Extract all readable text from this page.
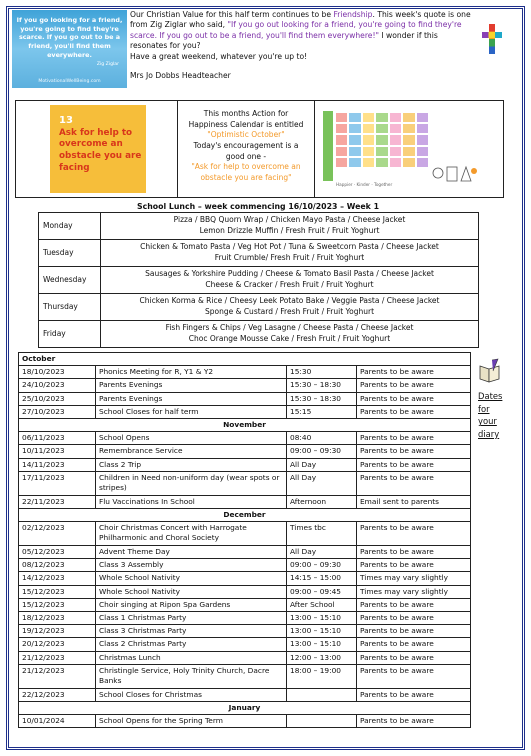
If you go looking for a friend, you're going to find they're scarce. If you go out to be a friend, you'll find them everywhere.
Zig Ziglar
MotivationalWellBeing.com
Our Christian Value for this half term continues to be Friendship. This week's quote is one from Zig Ziglar who said, "If you go out looking for a friend, you're going to find they're scarce. If you go out to be a friend, you'll find them everywhere!" I wonder if this resonates for you?
Have a great weekend, whatever you're up to!
Mrs Jo Dobbs Headteacher
13
Ask for help to overcome an obstacle you are facing
This months Action for Happiness Calendar is entitled
"Optimistic October"
Today's encouragement is a good one -
"Ask for help to overcome an obstacle you are facing"
Happier · Kinder · Together
School Lunch – week commencing 16/10/2023 – Week 1
Monday	Pizza / BBQ Quorn Wrap / Chicken Mayo Pasta / Cheese Jacket
Lemon Drizzle Muffin / Fresh Fruit / Fruit Yoghurt

Tuesday	Chicken & Tomato Pasta / Veg Hot Pot / Tuna & Sweetcorn Pasta / Cheese Jacket
Fruit Crumble/ Fresh Fruit / Fruit Yoghurt

Wednesday	Sausages & Yorkshire Pudding / Cheese & Tomato Basil Pasta / Cheese Jacket
Cheese & Cracker / Fresh Fruit / Fruit Yoghurt

Thursday	Chicken Korma & Rice / Cheesy Leek Potato Bake / Veggie Pasta / Cheese Jacket
Sponge & Custard / Fresh Fruit / Fruit Yoghurt

Friday	Fish Fingers & Chips / Veg Lasagne / Cheese Pasta / Cheese Jacket
Choc Orange Mousse Cake / Fresh Fruit / Fruit Yoghurt
October			
18/10/2023	Phonics Meeting for R, Y1 & Y2	15:30	Parents to be aware
24/10/2023	Parents Evenings	15:30 – 18:30	Parents to be aware
25/10/2023	Parents Evenings	15:30 – 18:30	Parents to be aware
27/10/2023	School Closes for half term	15:15	Parents to be aware
November			
06/11/2023	School Opens	08:40	Parents to be aware
10/11/2023	Remembrance Service	09:00 – 09:30	Parents to be aware
14/11/2023	Class 2 Trip	All Day	Parents to be aware
17/11/2023	Children in Need non-uniform day (wear spots or stripes)	All Day	Parents to be aware
22/11/2023	Flu Vaccinations In School	Afternoon	Email sent to parents
December			
02/12/2023	Choir Christmas Concert with Harrogate Philharmonic and Choral Society	Times tbc	Parents to be aware
05/12/2023	Advent Theme Day	All Day	Parents to be aware
08/12/2023	Class 3 Assembly	09:00 – 09:30	Parents to be aware
14/12/2023	Whole School Nativity	14:15 – 15:00	Times may vary slightly
15/12/2023	Whole School Nativity	09:00 – 09:45	Times may vary slightly
15/12/2023	Choir singing at Ripon Spa Gardens	After School	Parents to be aware
18/12/2023	Class 1 Christmas Party	13:00 – 15:10	Parents to be aware
19/12/2023	Class 3 Christmas Party	13:00 – 15:10	Parents to be aware
20/12/2023	Class 2 Christmas Party	13:00 – 15:10	Parents to be aware
21/12/2023	Christmas Lunch	12:00 – 13:00	Parents to be aware
21/12/2023	Christingle Service, Holy Trinity Church, Dacre Banks	18:00 – 19:00	Parents to be aware
22/12/2023	School Closes for Christmas		Parents to be aware
January			
10/01/2024	School Opens for the Spring Term		Parents to be aware
Dates
for
your
diary
